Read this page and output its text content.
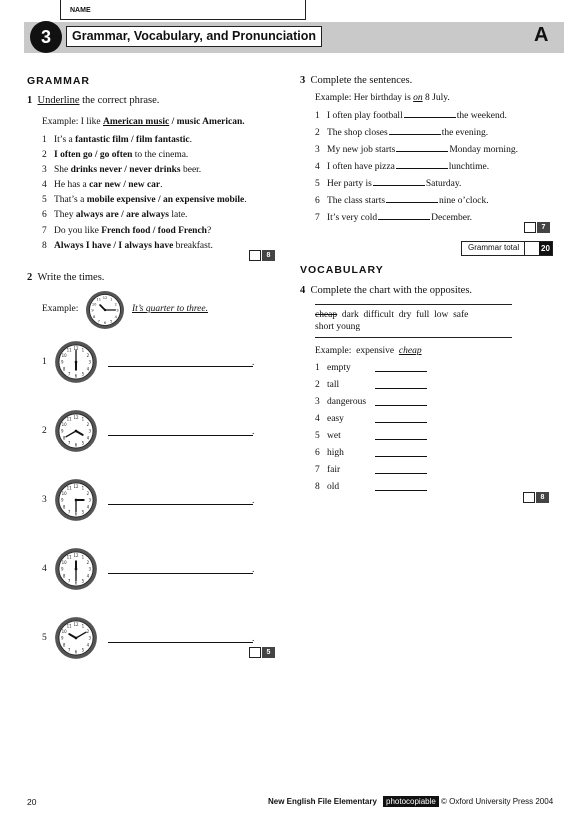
NAME
3	Grammar, Vocabulary, and Pronunciation	A
GRAMMAR
1 Underline the correct phrase.
Example: I like American music / music American.
1 It’s a fantastic film / film fantastic.
2 I often go / go often to the cinema.
3 She drinks never / never drinks beer.
4 He has a car new / new car.
5 That’s a mobile expensive / an expensive mobile.
6 They always are / are always late.
7 Do you like French food / food French?
8 Always I have / I always have breakfast.
8
2 Write the times.
Example:
12 1
2
3
4
5
6
7
8
9
10
11
It’s quarter to three.
1
12 1
2
3
4
5
6
7
8
9
10
11
.
2
12 1
2
3
4
5
6
7
8
9
10
11
.
3
12 1
2
3
4
5
6
7
8
9
10
11
.
4
12 1
2
3
4
5
6
7
8
9
10
11
.
5
12 1
2
3
4
5
6
7
8
9
10
11
.
5
3 Complete the sentences.
Example: Her birthday is on 8 July.
1 I often play football	the weekend.
2 The shop closes	the evening.
3 My new job starts	Monday morning.
4 I often have pizza	lunchtime.
5 Her party is	Saturday.
6 The class starts	nine o’clock.
7 It’s very cold	December.
7
Grammar total	20
VOCABULARY
4 Complete the chart with the opposites.
cheap  dark  difficult  dry  full  low  safe
short young
Example:  expensive  cheap
1 empty
2 tall
3 dangerous
4 easy
5 wet
6 high
7 fair
8 old
8
20	New English File Elementary	photocopiable © Oxford University Press 2004
